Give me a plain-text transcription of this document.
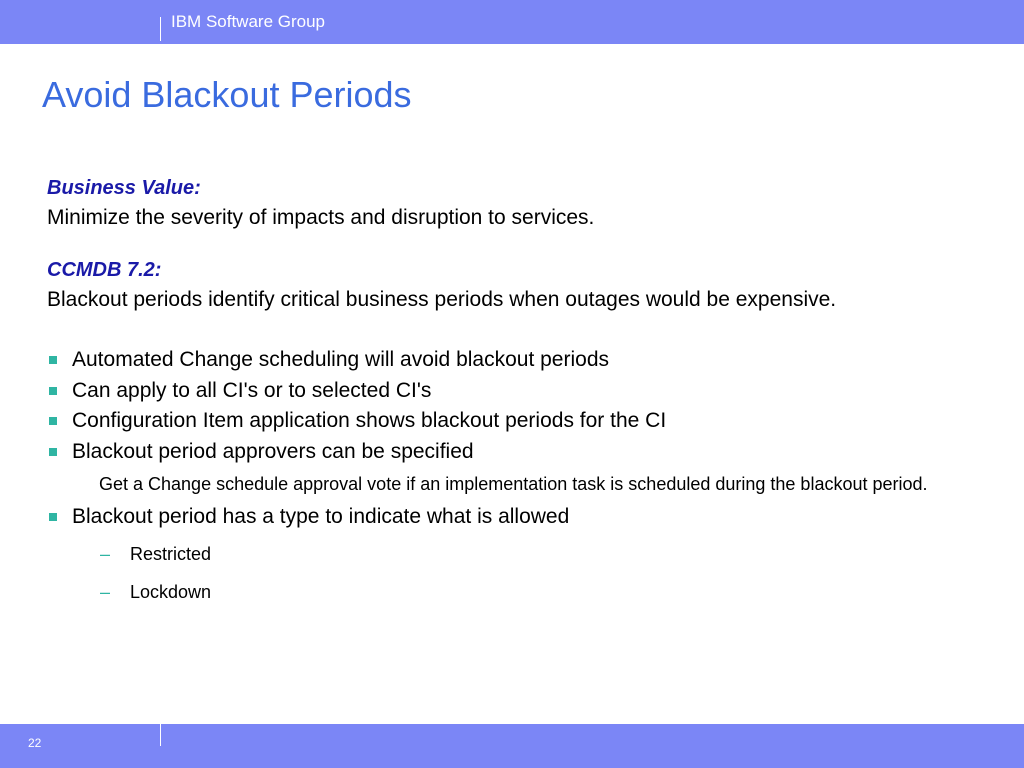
IBM Software Group
Avoid Blackout Periods

Business Value:

Minimize the severity of impacts and disruption to services.

CCMDB 7.2:

Blackout periods identify critical business periods when outages would be expensive.

Automated Change scheduling will avoid blackout periods
Can apply to all CI's or to selected CI's
Configuration Item application shows blackout periods for the CI
Blackout period approvers can be specified

Get a Change schedule approval vote if an implementation task is scheduled during the blackout period.

Blackout period has a type to indicate what is allowed
– Restricted
– Lockdown
22
